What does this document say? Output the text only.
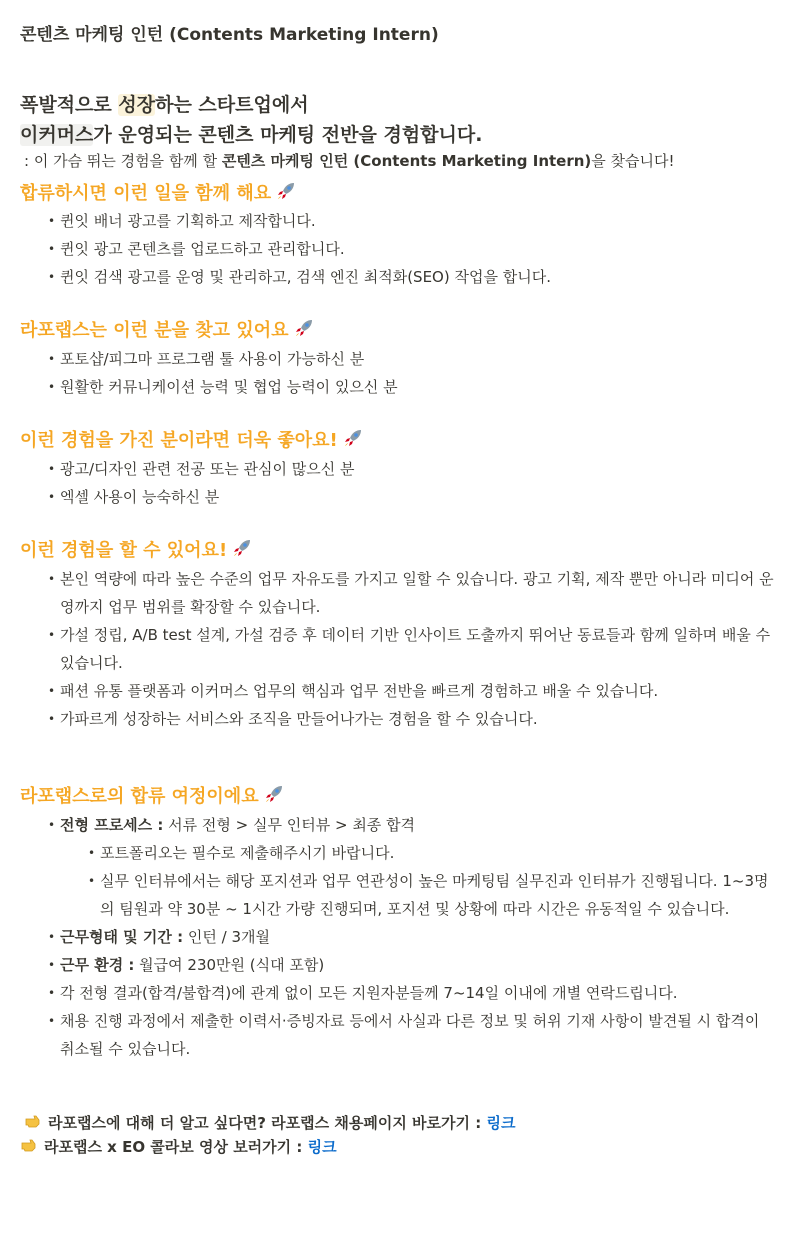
콘텐츠 마케팅 인턴 (Contents Marketing Intern)
폭발적으로 성장하는 스타트업에서
이커머스가 운영되는 콘텐츠 마케팅 전반을 경험합니다.
: 이 가슴 뛰는 경험을 함께 할 콘텐츠 마케팅 인턴 (Contents Marketing Intern)을 찾습니다!
합류하시면 이런 일을 함께 해요
• 퀸잇 배너 광고를 기획하고 제작합니다.
• 퀸잇 광고 콘텐츠를 업로드하고 관리합니다.
• 퀸잇 검색 광고를 운영 및 관리하고, 검색 엔진 최적화(SEO) 작업을 합니다.
라포랩스는 이런 분을 찾고 있어요
• 포토샵/피그마 프로그램 툴 사용이 가능하신 분
• 원활한 커뮤니케이션 능력 및 협업 능력이 있으신 분
이런 경험을 가진 분이라면 더욱 좋아요!
• 광고/디자인 관련 전공 또는 관심이 많으신 분
• 엑셀 사용이 능숙하신 분
이런 경험을 할 수 있어요!
• 본인 역량에 따라 높은 수준의 업무 자유도를 가지고 일할 수 있습니다. 광고 기획, 제작 뿐만 아니라 미디어 운영까지 업무 범위를 확장할 수 있습니다.
• 가설 정립, A/B test 설계, 가설 검증 후 데이터 기반 인사이트 도출까지 뛰어난 동료들과 함께 일하며 배울 수 있습니다.
• 패션 유통 플랫폼과 이커머스 업무의 핵심과 업무 전반을 빠르게 경험하고 배울 수 있습니다.
• 가파르게 성장하는 서비스와 조직을 만들어나가는 경험을 할 수 있습니다.
라포랩스로의 합류 여정이에요
• 전형 프로세스 : 서류 전형 > 실무 인터뷰 > 최종 합격
• 포트폴리오는 필수로 제출해주시기 바랍니다.
• 실무 인터뷰에서는 해당 포지션과 업무 연관성이 높은 마케팅팀 실무진과 인터뷰가 진행됩니다. 1~3명의 팀원과 약 30분 ~ 1시간 가량 진행되며, 포지션 및 상황에 따라 시간은 유동적일 수 있습니다.
• 근무형태 및 기간 : 인턴 / 3개월
• 근무 환경 : 월급여 230만원 (식대 포함)
• 각 전형 결과(합격/불합격)에 관계 없이 모든 지원자분들께 7~14일 이내에 개별 연락드립니다.
• 채용 진행 과정에서 제출한 이력서·증빙자료 등에서 사실과 다른 정보 및 허위 기재 사항이 발견될 시 합격이 취소될 수 있습니다.
라포랩스에 대해 더 알고 싶다면? 라포랩스 채용페이지 바로가기 : 링크
라포랩스 x EO 콜라보 영상 보러가기 : 링크
